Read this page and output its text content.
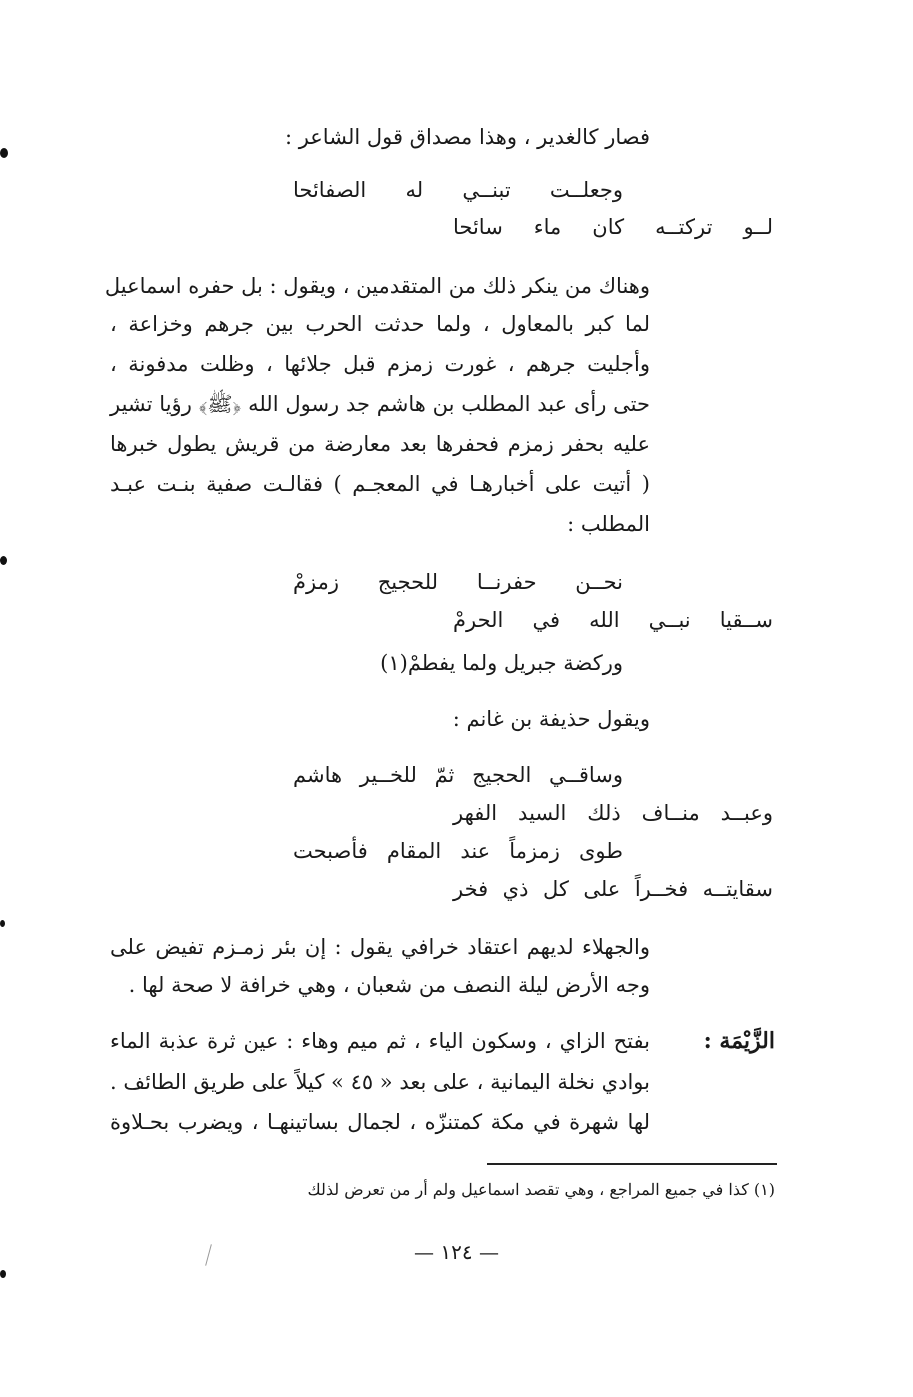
فصار كالغدير ، وهذا مصداق قول الشاعر :
وجعلــت تبنــي له الصفائحا
لــو تركتــه كان ماء سائحا
وهناك من ينكر ذلك من المتقدمين ، ويقول : بل حفره اسماعيل
لما كبر بالمعاول ، ولما حدثت الحرب بين جرهم وخزاعة ،
وأجليت جرهم ، غورت زمزم قبل جلائها ، وظلت مدفونة ،
حتى رأى عبد المطلب بن هاشم جد رسول الله ﴿ﷺ﴾ رؤيا تشير
عليه بحفر زمزم فحفرها بعد معارضة من قريش يطول خبرها
( أتيت على أخبارهـا في المعجـم ) فقالـت صفية بنـت عبـد
المطلب :
نحــن حفرنــا للحجيج زمزمْ
ســقيا نبــي الله في الحرمْ
وركضة جبريل ولما يفطمْ(١)
ويقول حذيفة بن غانم :
وساقــي الحجيج ثمّ للخــير هاشم
وعبــد منــاف ذلك السيد الفهر
طوى زمزماً عند المقام فأصبحت
سقايتــه فخــراً على كل ذي فخر
والجهلاء لديهم اعتقاد خرافي يقول : إن بئر زمـزم تفيض على
وجه الأرض ليلة النصف من شعبان ، وهي خرافة لا صحة لها .
الزَّيْمَة :
بفتح الزاي ، وسكون الياء ، ثم ميم وهاء : عين ثرة عذبة الماء
بوادي نخلة اليمانية ، على بعد « ٤٥ » كيلاً على طريق الطائف .
لها شهرة في مكة كمتنزّه ، لجمال بساتينهـا ، ويضرب بحـلاوة
(١) كذا في جميع المراجع ، وهي تقصد اسماعيل ولم أر من تعرض لذلك
— ١٢٤ —
